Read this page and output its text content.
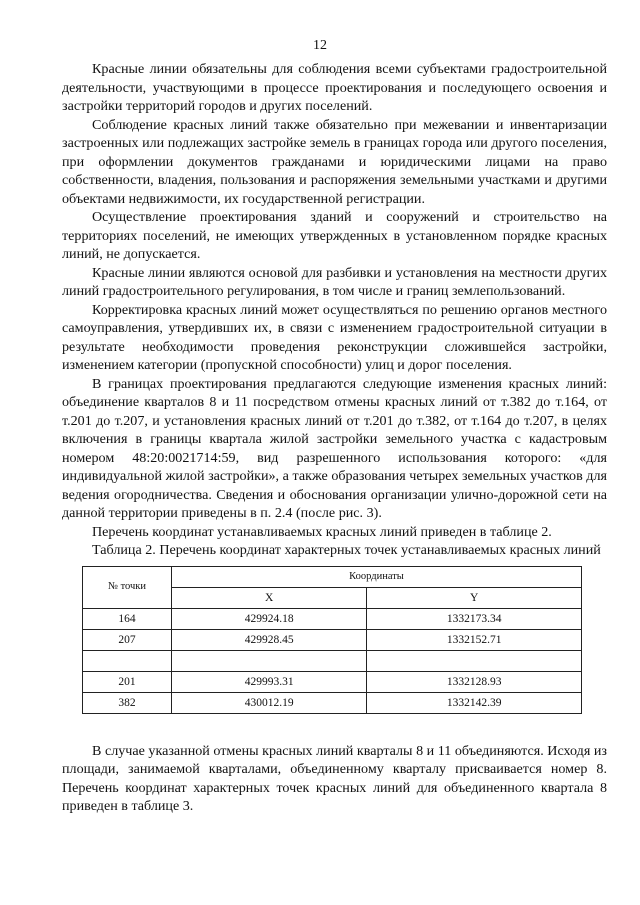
12

Красные линии обязательны для соблюдения всеми субъектами градостроительной деятельности, участвующими в процессе проектирования и последующего освоения и застройки территорий городов и других поселений.

Соблюдение красных линий также обязательно при межевании и инвентаризации застроенных или подлежащих застройке земель в границах города или другого поселения, при оформлении документов гражданами и юридическими лицами на право собственности, владения, пользования и распоряжения земельными участками и другими объектами недвижимости, их государственной регистрации.

Осуществление проектирования зданий и сооружений и строительство на территориях поселений, не имеющих утвержденных в установленном порядке красных линий, не допускается.

Красные линии являются основой для разбивки и установления на местности других линий градостроительного регулирования, в том числе и границ землепользований.

Корректировка красных линий может осуществляться по решению органов местного самоуправления, утвердивших их, в связи с изменением градостроительной ситуации в результате необходимости проведения реконструкции сложившейся застройки, изменением категории (пропускной способности) улиц и дорог поселения.

В границах проектирования предлагаются следующие изменения красных линий: объединение кварталов 8 и 11 посредством отмены красных линий от т.382 до т.164, от т.201 до т.207, и установления красных линий от т.201 до т.382, от т.164 до т.207, в целях включения в границы квартала жилой застройки земельного участка с кадастровым номером 48:20:0021714:59, вид разрешенного использования которого: «для индивидуальной жилой застройки», а также образования четырех земельных участков для ведения огородничества. Сведения и обоснования организации улично-дорожной сети на данной территории приведены в п. 2.4 (после рис. 3).

Перечень координат устанавливаемых красных линий приведен в таблице 2.

Таблица 2. Перечень координат характерных точек устанавливаемых красных линий

№ точки	Координаты	
	X	Y
164	429924.18	1332173.34
207	429928.45	1332152.71

201	429993.31	1332128.93
382	430012.19	1332142.39

В случае указанной отмены красных линий кварталы 8 и 11 объединяются. Исходя из площади, занимаемой кварталами, объединенному кварталу присваивается номер 8. Перечень координат характерных точек красных линий для объединенного квартала 8 приведен в таблице 3.
